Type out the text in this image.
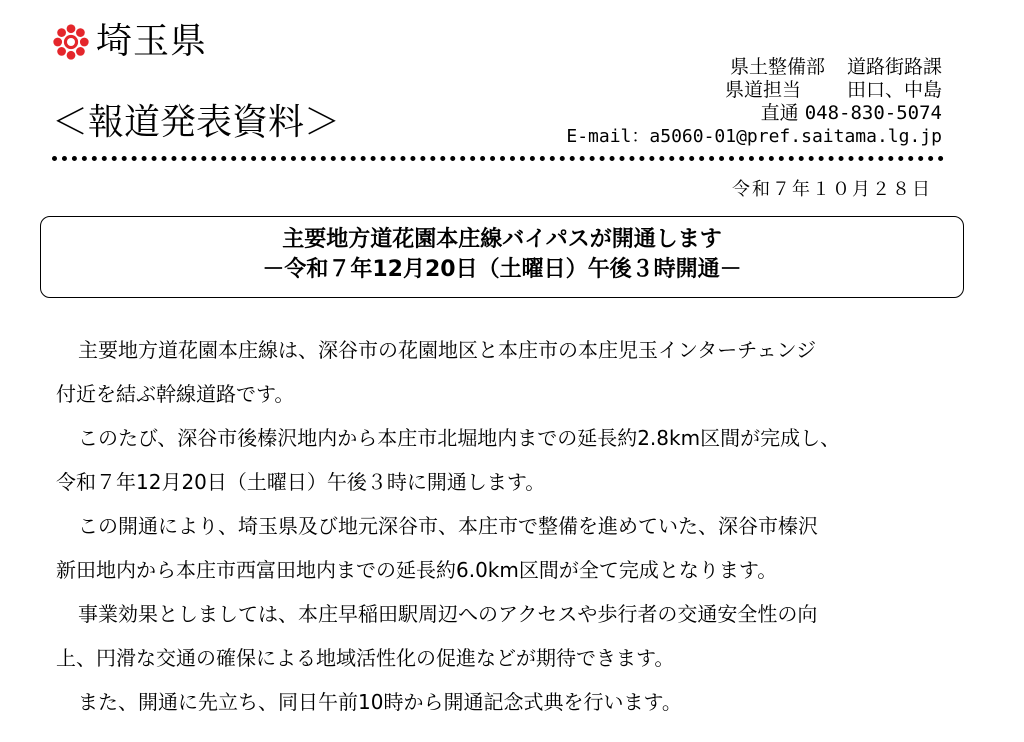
埼玉県
＜報道発表資料＞
県土整備部 道路街路課
県道担当 田口、中島
直通 048-830-5074
E-mail：a5060-01@pref.saitama.lg.jp
令和７年１０月２８日
主要地方道花園本庄線バイパスが開通します
－令和７年12月20日（土曜日）午後３時開通－

主要地方道花園本庄線は、深谷市の花園地区と本庄市の本庄児玉インターチェンジ
付近を結ぶ幹線道路です。

このたび、深谷市後榛沢地内から本庄市北堀地内までの延長約2.8km区間が完成し、
令和７年12月20日（土曜日）午後３時に開通します。

この開通により、埼玉県及び地元深谷市、本庄市で整備を進めていた、深谷市榛沢
新田地内から本庄市西富田地内までの延長約6.0km区間が全て完成となります。

事業効果としましては、本庄早稲田駅周辺へのアクセスや歩行者の交通安全性の向
上、円滑な交通の確保による地域活性化の促進などが期待できます。

また、開通に先立ち、同日午前10時から開通記念式典を行います。
